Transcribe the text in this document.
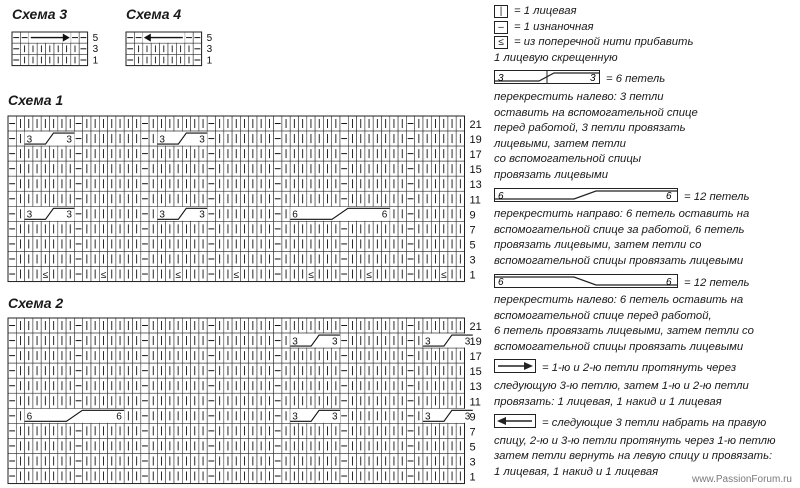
Схема 3	Схема 4
Схема 1
Схема 2
5
3
1
5
3
1
≤	≤	≤	≤	≤	≤	≤
3	3	3	3
3	3	3	3	6	6
21
19
17
15
13
11
9
7
5
3
1
3	3	3	3
6	6	3	3	3	3
21
19
17
15
13
11
9
7
5
3
1
|	= 1 лицевая
– = 1 изнаночная
≤ = из поперечной нити прибавить
1 лицевую скрещенную
3	3 = 6 петель
перекрестить налево: 3 петли
оставить на вспомогательной спице
перед работой, 3 петли провязать
лицевыми, затем петли
со вспомогательной спицы
провязать лицевыми
6	6 = 12 петель
перекрестить направо: 6 петель оставить на
вспомогательной спице за работой, 6 петель
провязать лицевыми, затем петли со
вспомогательной спицы провязать лицевыми
6	6 = 12 петель
перекрестить налево: 6 петель оставить на
вспомогательной спице перед работой,
6 петель провязать лицевыми, затем петли со
вспомогательной спицы провязать лицевыми
= 1-ю и 2-ю петли протянуть через
следующую 3-ю петлю, затем 1-ю и 2-ю петли
провязать: 1 лицевая, 1 накид и 1 лицевая
= следующие 3 петли набрать на правую
спицу, 2-ю и 3-ю петли протянуть через 1-ю петлю
затем петли вернуть на левую спицу и провязать:
1 лицевая, 1 накид и 1 лицевая
www.PassionForum.ru
